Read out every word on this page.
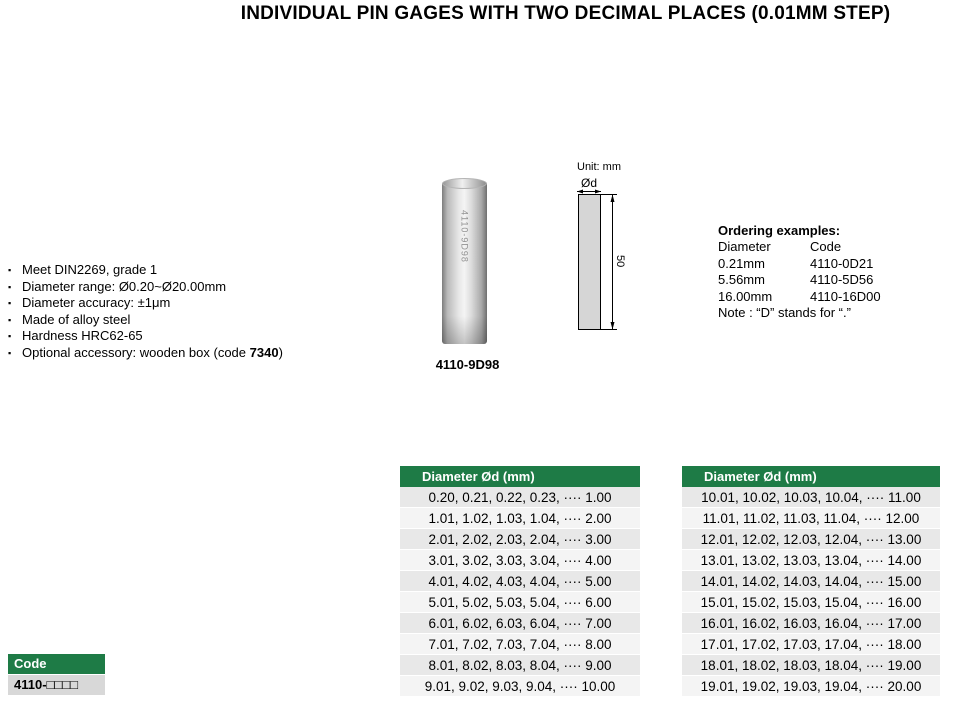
INDIVIDUAL PIN GAGES WITH TWO DECIMAL PLACES (0.01MM STEP)
▪ Meet DIN2269, grade 1
▪ Diameter range: Ø0.20~Ø20.00mm
▪ Diameter accuracy: ±1μm
▪ Made of alloy steel
▪ Hardness HRC62-65
▪ Optional accessory: wooden box (code 7340)
4110-9D98
4110-9D98
Unit: mm
Ød
50
Ordering examples:
Diameter	Code
0.21mm	4110-0D21
5.56mm	4110-5D56
16.00mm	4110-16D00
Note : “D” stands for “.”
Code
4110-□□□□
Diameter Ød (mm)
0.20, 0.21, 0.22, 0.23, ···· 1.00
1.01, 1.02, 1.03, 1.04, ···· 2.00
2.01, 2.02, 2.03, 2.04, ···· 3.00
3.01, 3.02, 3.03, 3.04, ···· 4.00
4.01, 4.02, 4.03, 4.04, ···· 5.00
5.01, 5.02, 5.03, 5.04, ···· 6.00
6.01, 6.02, 6.03, 6.04, ···· 7.00
7.01, 7.02, 7.03, 7.04, ···· 8.00
8.01, 8.02, 8.03, 8.04, ···· 9.00
9.01, 9.02, 9.03, 9.04, ···· 10.00
Diameter Ød (mm)
10.01, 10.02, 10.03, 10.04, ···· 11.00
11.01, 11.02, 11.03, 11.04, ···· 12.00
12.01, 12.02, 12.03, 12.04, ···· 13.00
13.01, 13.02, 13.03, 13.04, ···· 14.00
14.01, 14.02, 14.03, 14.04, ···· 15.00
15.01, 15.02, 15.03, 15.04, ···· 16.00
16.01, 16.02, 16.03, 16.04, ···· 17.00
17.01, 17.02, 17.03, 17.04, ···· 18.00
18.01, 18.02, 18.03, 18.04, ···· 19.00
19.01, 19.02, 19.03, 19.04, ···· 20.00
